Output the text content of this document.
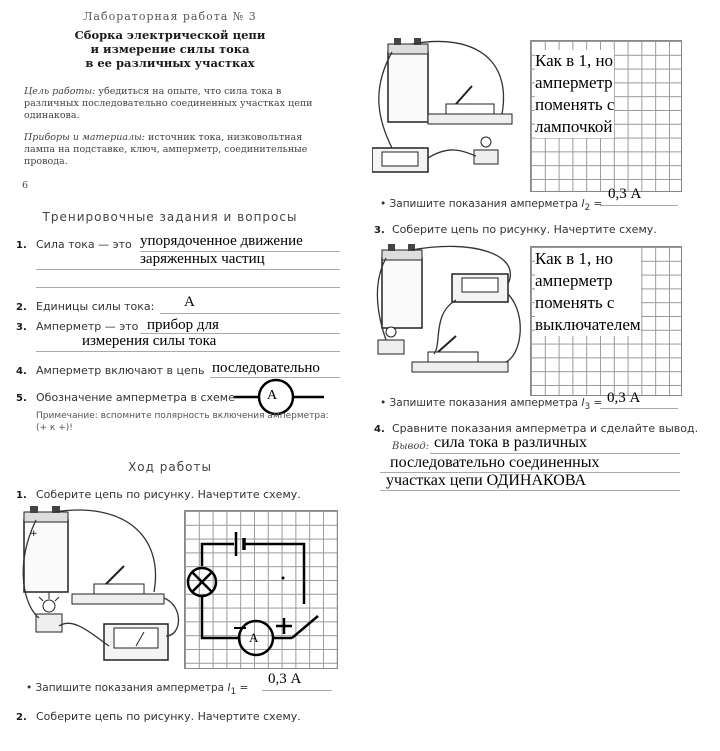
Лабораторная работа № 3
Сборка электрической цепи
и измерение силы тока
в ее различных участках
Цель работы: убедиться на опыте, что сила тока в различных последовательно соединенных участках цепи одинакова.
Приборы и материалы: источник тока, низковольтная лампа на подставке, ключ, амперметр, соединительные провода.
6
Тренировочные задания и вопросы
1. Сила тока — это упорядоченное движение
заряженных частиц
2. Единицы силы тока: А
3. Амперметр — это прибор для
измерения силы тока
4. Амперметр включают в цепь последовательно
5. Обозначение амперметра в схеме A
Примечание: вспомните полярность включения амперметра: (+ к +)!
Ход работы
1. Соберите цепь по рисунку. Начертите схему.
+
A
• Запишите показания амперметра $I_1$ =
0,3 А
2. Соберите цепь по рисунку. Начертите схему.
Как в 1, но
амперметр
поменять с
лампочкой
• Запишите показания амперметра $I_2$ =
0,3 А
3. Соберите цепь по рисунку. Начертите схему.
Как в 1, но
амперметр
поменять с
выключателем
• Запишите показания амперметра $I_3 = 0,3$ А
4. Сравните показания амперметра и сделайте вывод.
Вывод: сила тока в различных
последовательно соединенных
участках цепи ОДИНАКОВА
